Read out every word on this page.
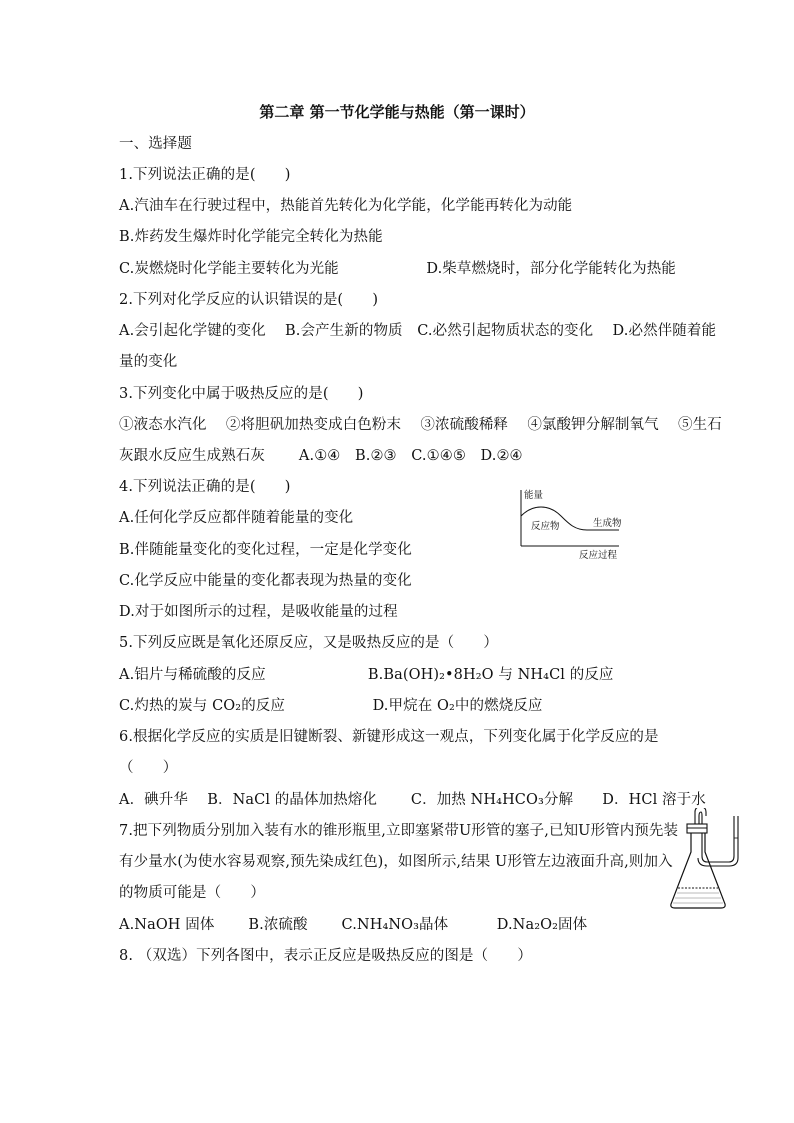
第二章 第一节化学能与热能（第一课时）
一、选择题
1.下列说法正确的是(　　)
A.汽油车在行驶过程中，热能首先转化为化学能，化学能再转化为动能
B.炸药发生爆炸时化学能完全转化为热能
C.炭燃烧时化学能主要转化为光能　　　　　　D.柴草燃烧时，部分化学能转化为热能
2.下列对化学反应的认识错误的是(　　)
A.会引起化学键的变化　 B.会产生新的物质　C.必然引起物质状态的变化　 D.必然伴随着能
量的变化
3.下列变化中属于吸热反应的是(　　)
①液态水汽化　 ②将胆矾加热变成白色粉末　 ③浓硫酸稀释　 ④氯酸钾分解制氧气　 ⑤生石
灰跟水反应生成熟石灰　　 A.①④　B.②③　C.①④⑤　D.②④
4.下列说法正确的是(　　)
A.任何化学反应都伴随着能量的变化
B.伴随能量变化的变化过程，一定是化学变化
C.化学反应中能量的变化都表现为热量的变化
D.对于如图所示的过程，是吸收能量的过程
5.下列反应既是氧化还原反应，又是吸热反应的是（　　）
A.铝片与稀硫酸的反应　　　　　　　B.Ba(OH)₂•8H₂O 与 NH₄Cl 的反应
C.灼热的炭与 CO₂的反应　　　　　　D.甲烷在 O₂中的燃烧反应
6.根据化学反应的实质是旧键断裂、新键形成这一观点，下列变化属于化学反应的是
（　　）
A．碘升华　 B．NaCl 的晶体加热熔化　　 C．加热 NH₄HCO₃分解　　D．HCl 溶于水
7.把下列物质分别加入装有水的锥形瓶里,立即塞紧带U形管的塞子,已知U形管内预先装
有少量水(为使水容易观察,预先染成红色)，如图所示,结果 U形管左边液面升高,则加入
的物质可能是（　　）
A.NaOH 固体　　 B.浓硫酸　　 C.NH₄NO₃晶体　　　 D.Na₂O₂固体
8. （双选）下列各图中，表示正反应是吸热反应的图是（　　）
能量
反应物	生成物
反应过程
